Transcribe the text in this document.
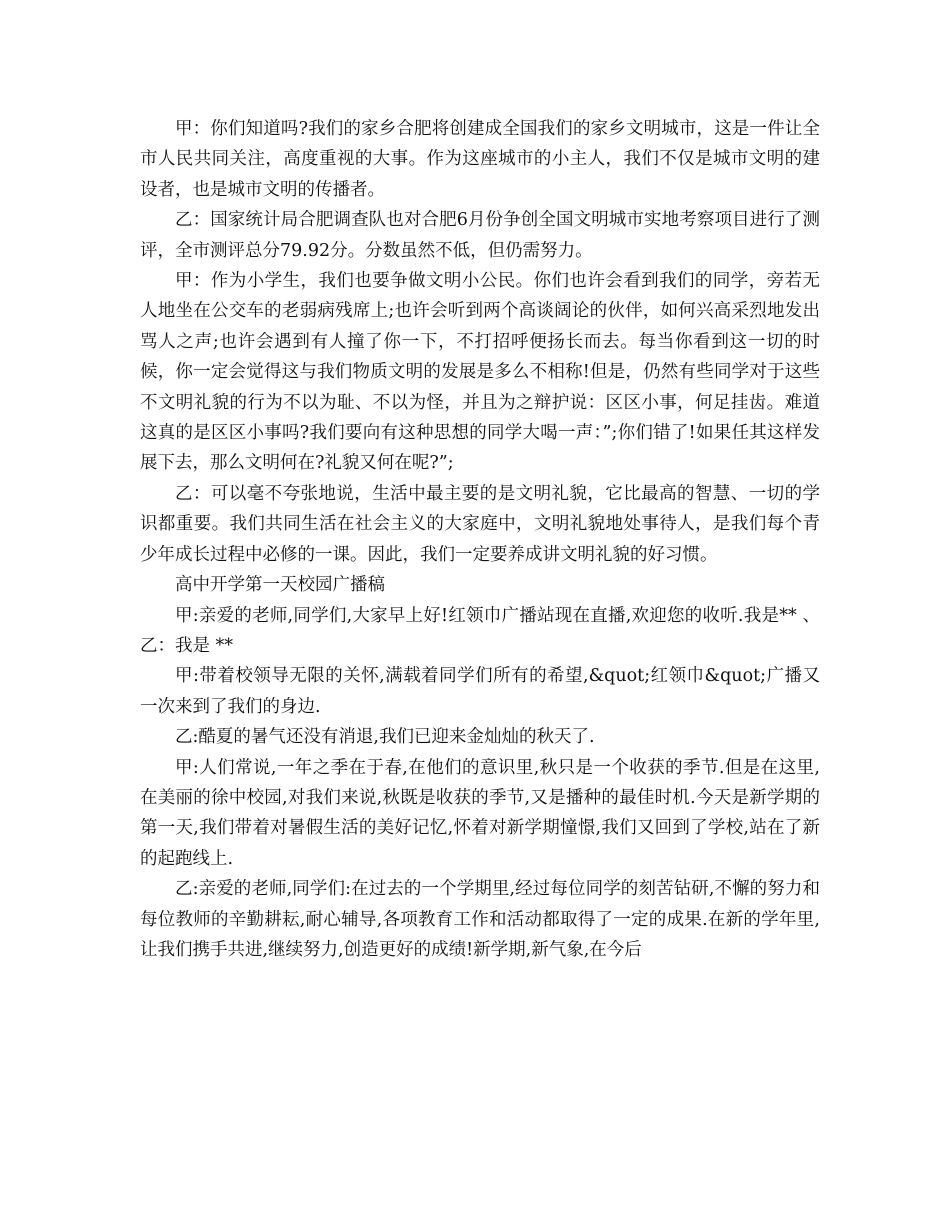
甲：你们知道吗?我们的家乡合肥将创建成全国我们的家乡文明城市，这是一件让全市人民共同关注，高度重视的大事。作为这座城市的小主人，我们不仅是城市文明的建设者，也是城市文明的传播者。

乙：国家统计局合肥调查队也对合肥6月份争创全国文明城市实地考察项目进行了测评，全市测评总分79.92分。分数虽然不低，但仍需努力。

甲：作为小学生，我们也要争做文明小公民。你们也许会看到我们的同学，旁若无人地坐在公交车的老弱病残席上;也许会听到两个高谈阔论的伙伴，如何兴高采烈地发出骂人之声;也许会遇到有人撞了你一下，不打招呼便扬长而去。每当你看到这一切的时候，你一定会觉得这与我们物质文明的发展是多么不相称!但是，仍然有些同学对于这些不文明礼貌的行为不以为耻、不以为怪，并且为之辩护说：区区小事，何足挂齿。难道这真的是区区小事吗?我们要向有这种思想的同学大喝一声：”;你们错了!如果任其这样发展下去，那么文明何在?礼貌又何在呢?”;

乙：可以毫不夸张地说，生活中最主要的是文明礼貌，它比最高的智慧、一切的学识都重要。我们共同生活在社会主义的大家庭中，文明礼貌地处事待人，是我们每个青少年成长过程中必修的一课。因此，我们一定要养成讲文明礼貌的好习惯。

高中开学第一天校园广播稿

甲:亲爱的老师,同学们,大家早上好!红领巾广播站现在直播,欢迎您的收听.我是** 、乙：我是 **

甲:带着校领导无限的关怀,满载着同学们所有的希望,&quot;红领巾&quot;广播又一次来到了我们的身边.

乙:酷夏的暑气还没有消退,我们已迎来金灿灿的秋天了.

甲:人们常说,一年之季在于春,在他们的意识里,秋只是一个收获的季节.但是在这里,在美丽的徐中校园,对我们来说,秋既是收获的季节,又是播种的最佳时机.今天是新学期的第一天,我们带着对暑假生活的美好记忆,怀着对新学期憧憬,我们又回到了学校,站在了新的起跑线上.

乙:亲爱的老师,同学们:在过去的一个学期里,经过每位同学的刻苦钻研,不懈的努力和每位教师的辛勤耕耘,耐心辅导,各项教育工作和活动都取得了一定的成果.在新的学年里,让我们携手共进,继续努力,创造更好的成绩!新学期,新气象,在今后
